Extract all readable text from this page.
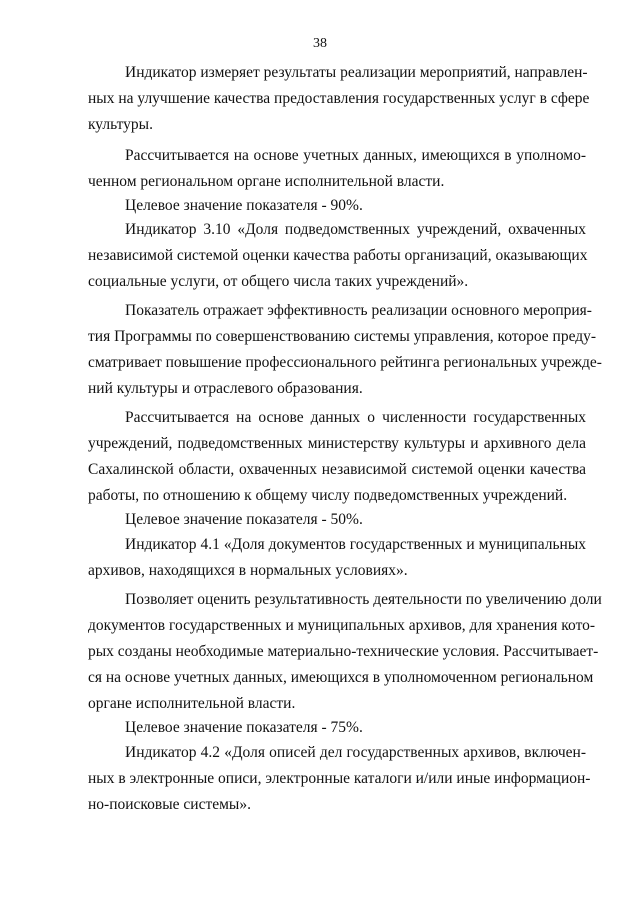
38
Индикатор измеряет результаты реализации мероприятий, направлен-
ных на улучшение качества предоставления государственных услуг в сфере
культуры.
Рассчитывается на основе учетных данных, имеющихся в уполномо-
ченном региональном органе исполнительной власти.
Целевое значение показателя - 90%.
Индикатор 3.10 «Доля подведомственных учреждений, охваченных
независимой системой оценки качества работы организаций, оказывающих
социальные услуги, от общего числа таких учреждений».
Показатель отражает эффективность реализации основного мероприя-
тия Программы по совершенствованию системы управления, которое преду-
сматривает повышение профессионального рейтинга региональных учрежде-
ний культуры и отраслевого образования.
Рассчитывается на основе данных о численности государственных
учреждений, подведомственных министерству культуры и архивного дела
Сахалинской области, охваченных независимой системой оценки качества
работы, по отношению к общему числу подведомственных учреждений.
Целевое значение показателя - 50%.
Индикатор 4.1 «Доля документов государственных и муниципальных
архивов, находящихся в нормальных условиях».
Позволяет оценить результативность деятельности по увеличению доли
документов государственных и муниципальных архивов, для хранения кото-
рых созданы необходимые материально-технические условия. Рассчитывает-
ся на основе учетных данных, имеющихся в уполномоченном региональном
органе исполнительной власти.
Целевое значение показателя - 75%.
Индикатор 4.2 «Доля описей дел государственных архивов, включен-
ных в электронные описи, электронные каталоги и/или иные информацион-
но-поисковые системы».
